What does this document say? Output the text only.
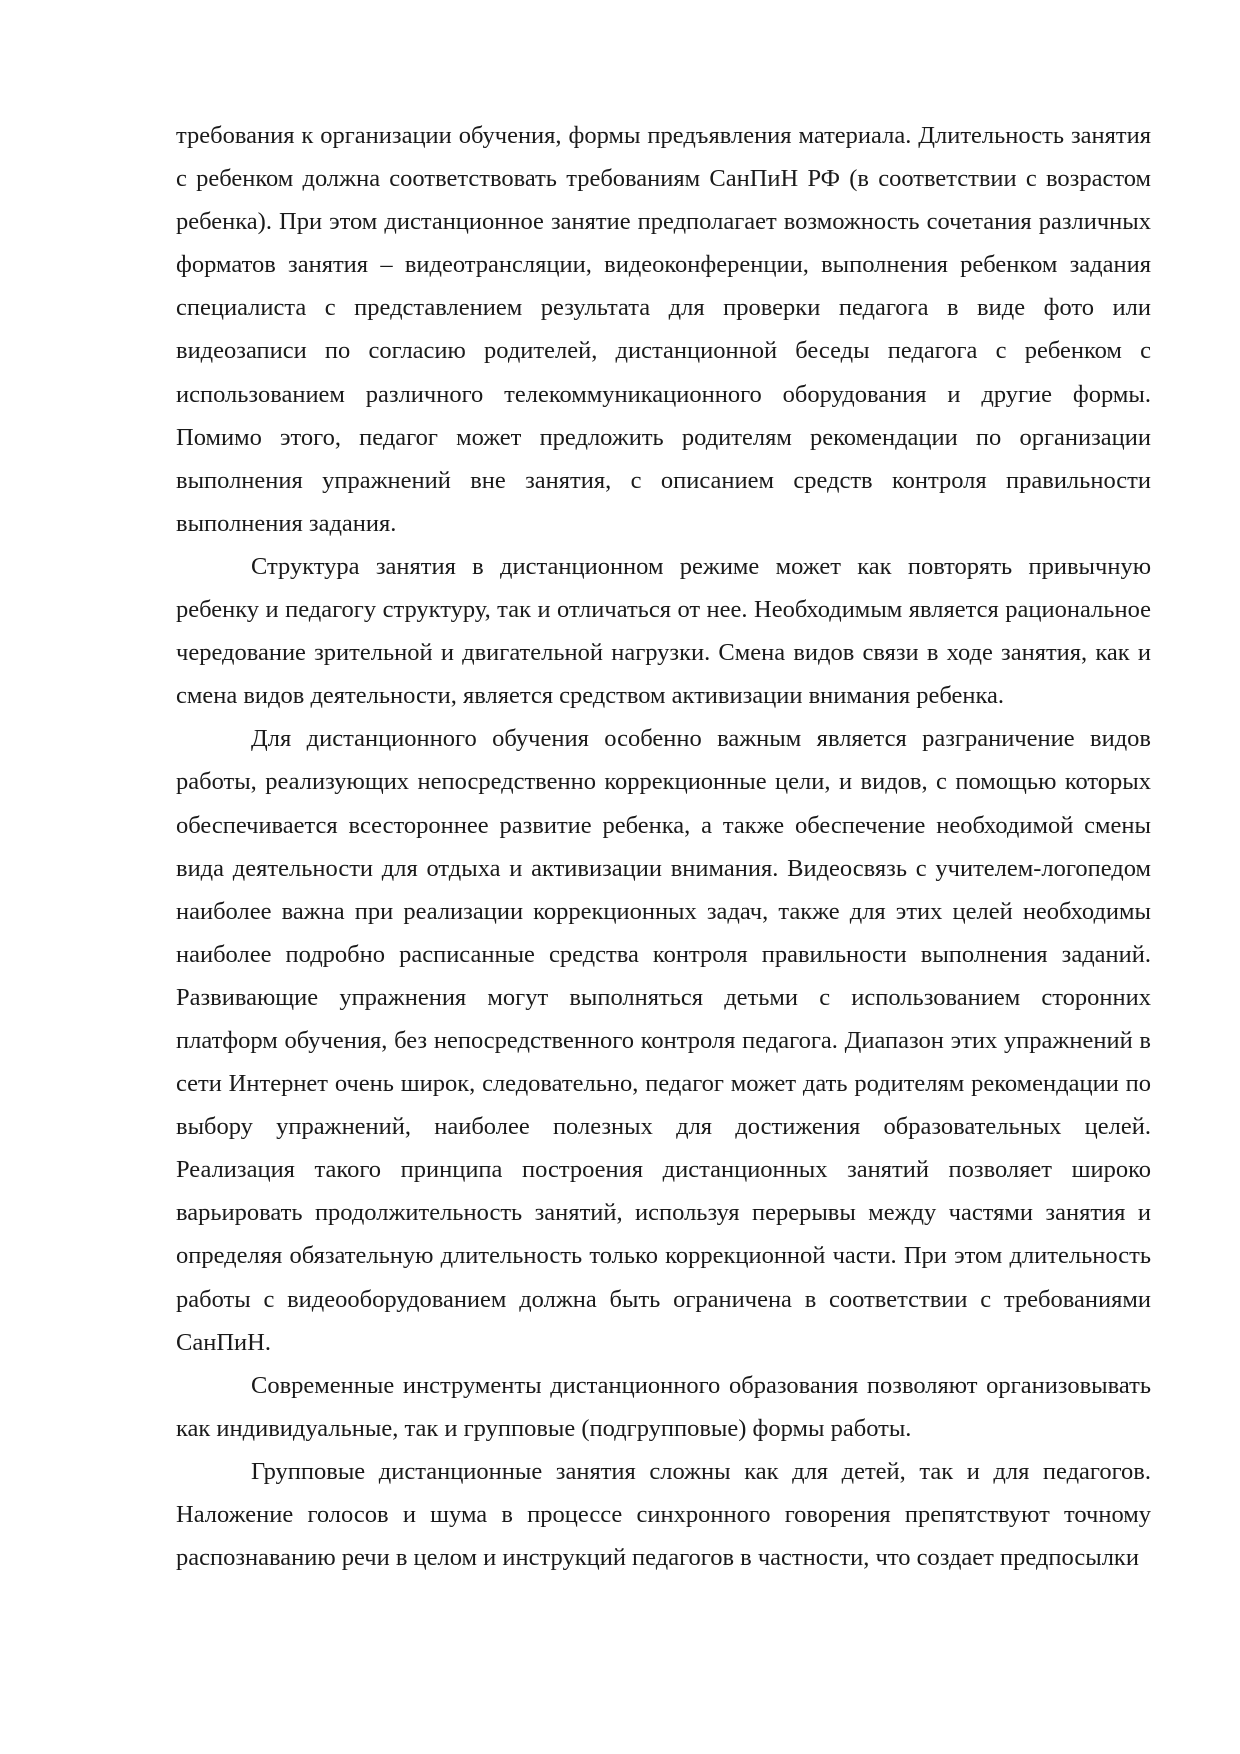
требования к организации обучения, формы предъявления материала. Длительность занятия с ребенком должна соответствовать требованиям СанПиН РФ (в соответствии с возрастом ребенка). При этом дистанционное занятие предполагает возможность сочетания различных форматов занятия – видеотрансляции, видеоконференции, выполнения ребенком задания специалиста с представлением результата для проверки педагога в виде фото или видеозаписи по согласию родителей, дистанционной беседы педагога с ребенком с использованием различного телекоммуникационного оборудования и другие формы. Помимо этого, педагог может предложить родителям рекомендации по организации выполнения упражнений вне занятия, с описанием средств контроля правильности выполнения задания.

Структура занятия в дистанционном режиме может как повторять привычную ребенку и педагогу структуру, так и отличаться от нее. Необходимым является рациональное чередование зрительной и двигательной нагрузки. Смена видов связи в ходе занятия, как и смена видов деятельности, является средством активизации внимания ребенка.

Для дистанционного обучения особенно важным является разграничение видов работы, реализующих непосредственно коррекционные цели, и видов, с помощью которых обеспечивается всестороннее развитие ребенка, а также обеспечение необходимой смены вида деятельности для отдыха и активизации внимания. Видеосвязь с учителем-логопедом наиболее важна при реализации коррекционных задач, также для этих целей необходимы наиболее подробно расписанные средства контроля правильности выполнения заданий. Развивающие упражнения могут выполняться детьми с использованием сторонних платформ обучения, без непосредственного контроля педагога. Диапазон этих упражнений в сети Интернет очень широк, следовательно, педагог может дать родителям рекомендации по выбору упражнений, наиболее полезных для достижения образовательных целей. Реализация такого принципа построения дистанционных занятий позволяет широко варьировать продолжительность занятий, используя перерывы между частями занятия и определяя обязательную длительность только коррекционной части. При этом длительность работы с видеооборудованием должна быть ограничена в соответствии с требованиями СанПиН.

Современные инструменты дистанционного образования позволяют организовывать как индивидуальные, так и групповые (подгрупповые) формы работы.

Групповые дистанционные занятия сложны как для детей, так и для педагогов. Наложение голосов и шума в процессе синхронного говорения препятствуют точному распознаванию речи в целом и инструкций педагогов в частности, что создает предпосылки
